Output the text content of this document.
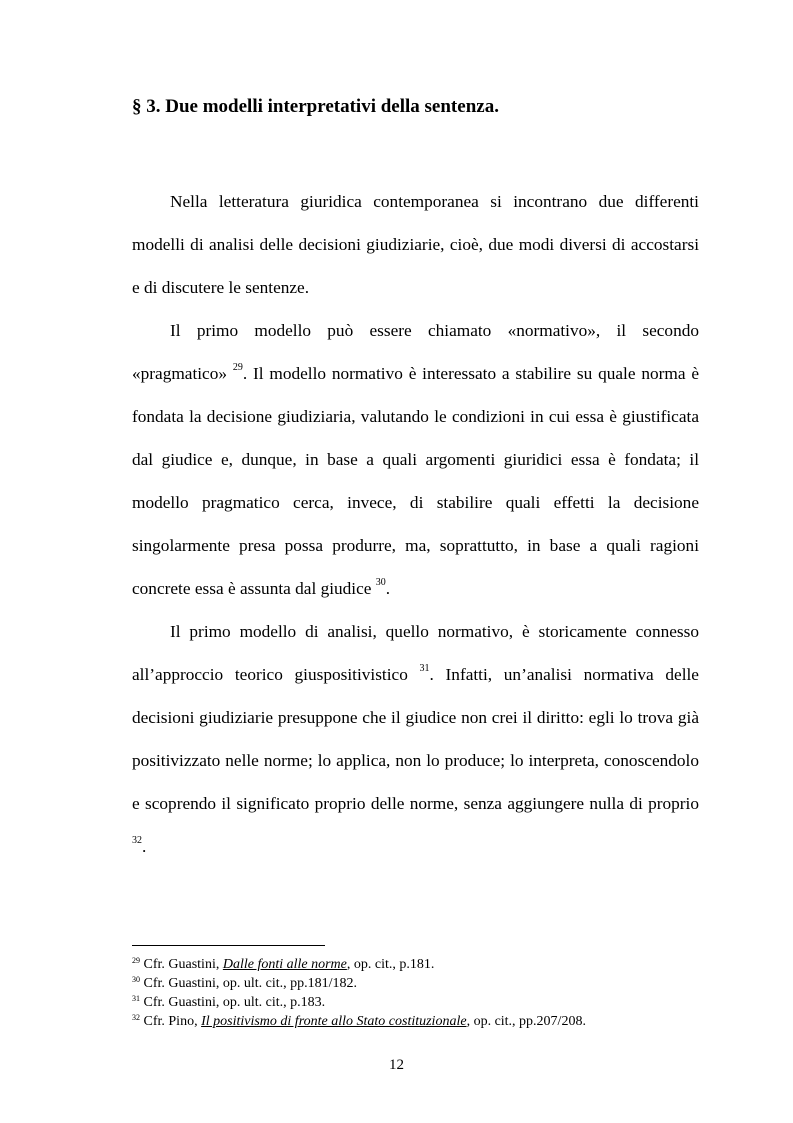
§ 3. Due modelli interpretativi della sentenza.

Nella letteratura giuridica contemporanea si incontrano due differenti modelli di analisi delle decisioni giudiziarie, cioè, due modi diversi di accostarsi e di discutere le sentenze.

Il primo modello può essere chiamato «normativo», il secondo «pragmatico» $^{29}$. Il modello normativo è interessato a stabilire su quale norma è fondata la decisione giudiziaria, valutando le condizioni in cui essa è giustificata dal giudice e, dunque, in base a quali argomenti giuridici essa è fondata; il modello pragmatico cerca, invece, di stabilire quali effetti la decisione singolarmente presa possa produrre, ma, soprattutto, in base a quali ragioni concrete essa è assunta dal giudice $^{30}$.

Il primo modello di analisi, quello normativo, è storicamente connesso all’approccio teorico giuspositivistico $^{31}$. Infatti, un’analisi normativa delle decisioni giudiziarie presuppone che il giudice non crei il diritto: egli lo trova già positivizzato nelle norme; lo applica, non lo produce; lo interpreta, conoscendolo e scoprendo il significato proprio delle norme, senza aggiungere nulla di proprio $^{32}$.

$^{29}$ Cfr. Guastini, Dalle fonti alle norme, op. cit., p.181.
$^{30}$ Cfr. Guastini, op. ult. cit., pp.181/182.
$^{31}$ Cfr. Guastini, op. ult. cit., p.183.
$^{32}$ Cfr. Pino, Il positivismo di fronte allo Stato costituzionale, op. cit., pp.207/208.
12
